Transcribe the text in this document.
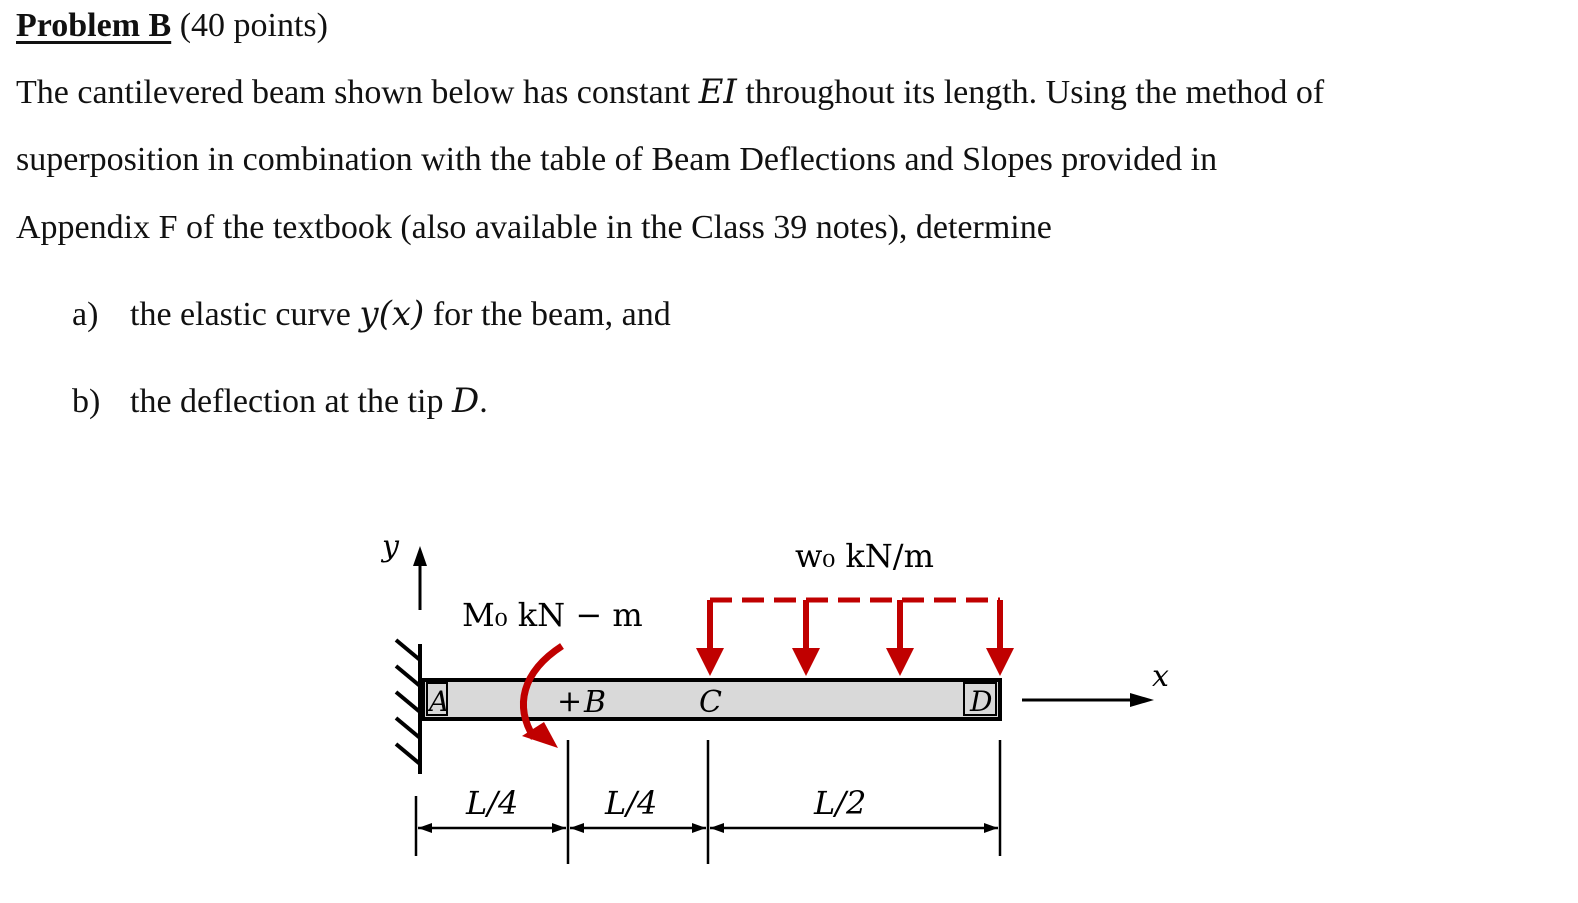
Problem B (40 points)
The cantilevered beam shown below has constant EI throughout its length. Using the method of
superposition in combination with the table of Beam Deflections and Slopes provided in
Appendix F of the textbook (also available in the Class 39 notes), determine
a) the elastic curve y(x) for the beam, and
b) the deflection at the tip D.
y
A	+ B	C	D
x
M₀ kN − m
w₀ kN/m
L/4	L/4	L/2
